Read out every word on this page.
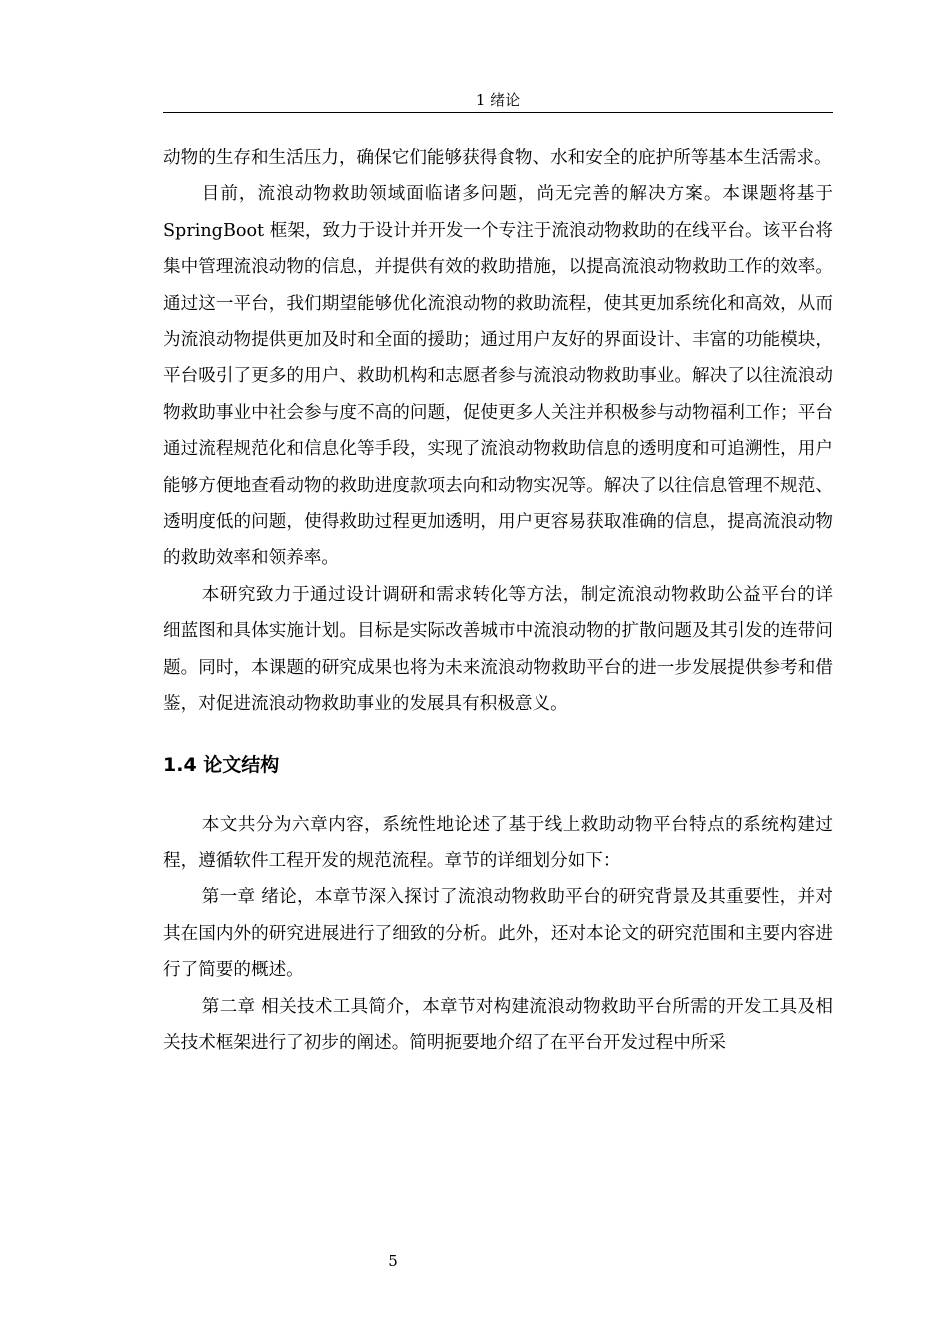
1 绪论

动物的生存和生活压力，确保它们能够获得食物、水和安全的庇护所等基本生活需求。

目前，流浪动物救助领域面临诸多问题，尚无完善的解决方案。本课题将基于 SpringBoot 框架，致力于设计并开发一个专注于流浪动物救助的在线平台。该平台将集中管理流浪动物的信息，并提供有效的救助措施，以提高流浪动物救助工作的效率。通过这一平台，我们期望能够优化流浪动物的救助流程，使其更加系统化和高效，从而为流浪动物提供更加及时和全面的援助；通过用户友好的界面设计、丰富的功能模块，平台吸引了更多的用户、救助机构和志愿者参与流浪动物救助事业。解决了以往流浪动物救助事业中社会参与度不高的问题，促使更多人关注并积极参与动物福利工作；平台通过流程规范化和信息化等手段，实现了流浪动物救助信息的透明度和可追溯性，用户能够方便地查看动物的救助进度款项去向和动物实况等。解决了以往信息管理不规范、透明度低的问题，使得救助过程更加透明，用户更容易获取准确的信息，提高流浪动物的救助效率和领养率。

本研究致力于通过设计调研和需求转化等方法，制定流浪动物救助公益平台的详细蓝图和具体实施计划。目标是实际改善城市中流浪动物的扩散问题及其引发的连带问题。同时，本课题的研究成果也将为未来流浪动物救助平台的进一步发展提供参考和借鉴，对促进流浪动物救助事业的发展具有积极意义。

1.4 论文结构

本文共分为六章内容，系统性地论述了基于线上救助动物平台特点的系统构建过程，遵循软件工程开发的规范流程。章节的详细划分如下：

第一章 绪论，本章节深入探讨了流浪动物救助平台的研究背景及其重要性，并对其在国内外的研究进展进行了细致的分析。此外，还对本论文的研究范围和主要内容进行了简要的概述。

第二章 相关技术工具简介，本章节对构建流浪动物救助平台所需的开发工具及相关技术框架进行了初步的阐述。简明扼要地介绍了在平台开发过程中所采

5
